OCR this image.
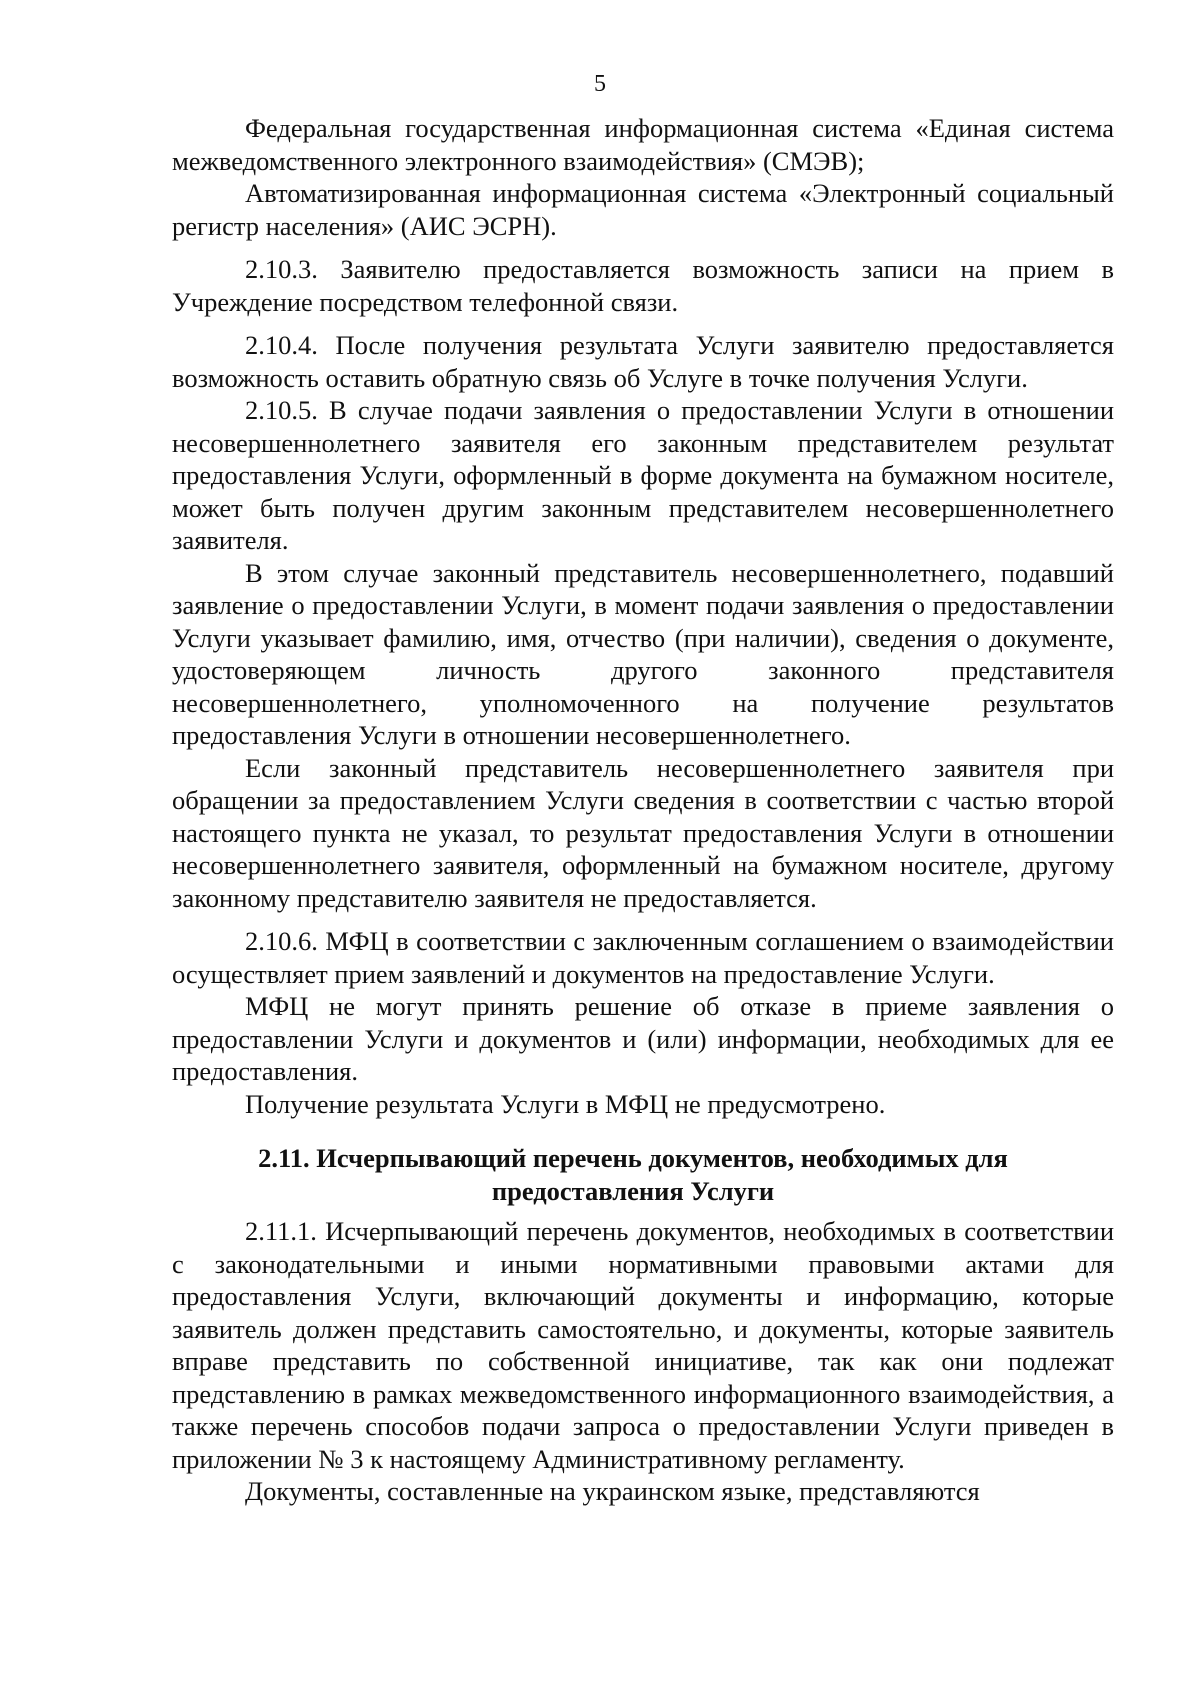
5

Федеральная государственная информационная система «Единая система межведомственного электронного взаимодействия» (СМЭВ);

Автоматизированная информационная система «Электронный социальный регистр населения» (АИС ЭСРН).

2.10.3. Заявителю предоставляется возможность записи на прием в Учреждение посредством телефонной связи.

2.10.4. После получения результата Услуги заявителю предоставляется возможность оставить обратную связь об Услуге в точке получения Услуги.

2.10.5. В случае подачи заявления о предоставлении Услуги в отношении несовершеннолетнего заявителя его законным представителем результат предоставления Услуги, оформленный в форме документа на бумажном носителе, может быть получен другим законным представителем несовершеннолетнего заявителя.

В этом случае законный представитель несовершеннолетнего, подавший заявление о предоставлении Услуги, в момент подачи заявления о предоставлении Услуги указывает фамилию, имя, отчество (при наличии), сведения о документе, удостоверяющем личность другого законного представителя несовершеннолетнего, уполномоченного на получение результатов предоставления Услуги в отношении несовершеннолетнего.

Если законный представитель несовершеннолетнего заявителя при обращении за предоставлением Услуги сведения в соответствии с частью второй настоящего пункта не указал, то результат предоставления Услуги в отношении несовершеннолетнего заявителя, оформленный на бумажном носителе, другому законному представителю заявителя не предоставляется.

2.10.6. МФЦ в соответствии с заключенным соглашением о взаимодействии осуществляет прием заявлений и документов на предоставление Услуги.

МФЦ не могут принять решение об отказе в приеме заявления о предоставлении Услуги и документов и (или) информации, необходимых для ее предоставления.

Получение результата Услуги в МФЦ не предусмотрено.

2.11. Исчерпывающий перечень документов, необходимых для
предоставления Услуги

2.11.1. Исчерпывающий перечень документов, необходимых в соответствии с законодательными и иными нормативными правовыми актами для предоставления Услуги, включающий документы и информацию, которые заявитель должен представить самостоятельно, и документы, которые заявитель вправе представить по собственной инициативе, так как они подлежат представлению в рамках межведомственного информационного взаимодействия, а также перечень способов подачи запроса о предоставлении Услуги приведен в приложении № 3 к настоящему Административному регламенту.

Документы, составленные на украинском языке, представляются
